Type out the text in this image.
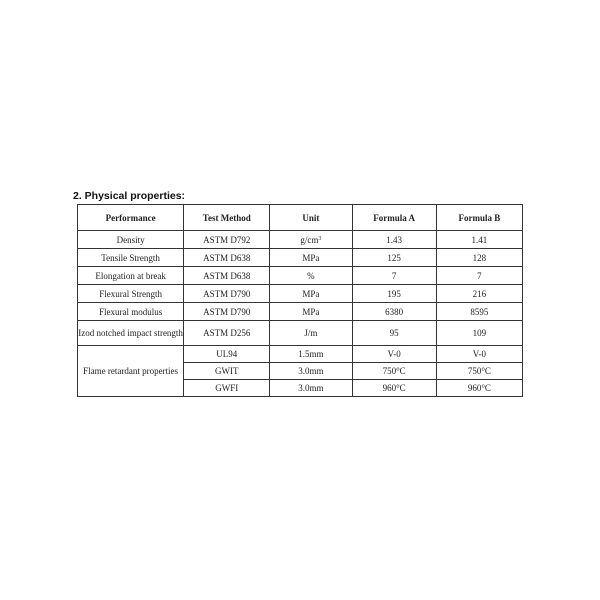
2. Physical properties:
Performance	Test Method	Unit	Formula A	Formula B
Density	ASTM D792	$g/cm^3$	1.43	1.41
Tensile Strength	ASTM D638	MPa	125	128
Elongation at break	ASTM D638	%	7	7
Flexural Strength	ASTM D790	MPa	195	216
Flexural modulus	ASTM D790	MPa	6380	8595
Izod notched impact strength	ASTM D256	J/m	95	109
Flame retardant properties	UL94	1.5mm	V-0	V-0
	GWIT	3.0mm	750°C	750°C
	GWFI	3.0mm	960°C	960°C
